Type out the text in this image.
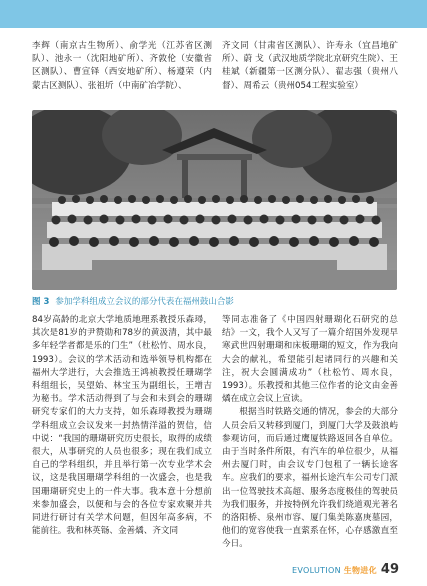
李辉（南京古生物所）、俞学光（江苏省区测队）、池永一（沈阳地矿所）、齐敦伦（安徽省区测队）、曹宣铎（西安地矿所）、杨遵荣（内蒙古区测队）、张祖圻（中南矿冶学院）、
齐文同（甘肃省区测队）、许寿永（宜昌地矿所）、蔚 戈（武汉地质学院北京研究生院）、王桂斌（新疆第一区测分队）、翟志强（贵州八督）、周希云（贵州054工程实验室）
图 3 参加学科组成立会议的部分代表在福州鼓山合影

84岁高龄的北京大学地质地理系教授乐森璕，其次是81岁的尹赞勋和78岁的黄汲清，其中最多年轻学者都是乐的门生”（杜松竹、周水良，1993）。会议的学术活动和选举领导机构都在福州大学进行，大会推选王鸿祯教授任珊瑚学科组组长，吴望始、林宝玉为副组长，王增吉为秘书。学术活动得到了与会和未到会的珊瑚研究专家们的大力支持，如乐森璕教授为珊瑚学科组成立会议发来一封热情洋溢的贺信，信中说：“我国的珊瑚研究历史很长，取得的成绩很大，从事研究的人员也很多；现在我们成立自己的学科组织，并且举行第一次专业学术会议，这是我国珊瑚学科组的一次盛会，也是我国珊瑚研究史上的一件大事。我本意十分想前来参加盛会，以便和与会的各位专家欢聚并共同进行研讨有关学术问题，但因年高多病，不能前往。我和林英铴、金善燏、齐文同

等同志准备了《中国四射珊瑚化石研究的总结》一文，我个人又写了一篇介绍国外发现早寒武世四射珊瑚和床板珊瑚的短文，作为我向大会的献礼，希望能引起诸同行的兴趣和关注，祝大会圆满成功”（杜松竹、周水良，1993）。乐教授和其他三位作者的论文由金善燏在成立会议上宣读。

根据当时铁路交通的情况，参会的大部分人员会后又转移到厦门，到厦门大学及鼓浪屿参观访问，而后通过鹰厦铁路返回各自单位。由于当时条件所限，有汽车的单位很少，从福州去厦门时，由会议专门包租了一辆长途客车。应我们的要求，福州长途汽车公司专门派出一位驾驶技术高超、服务态度极佳的驾驶员为我们服务，并按特例允许我们绕道观光著名的洛阳桥、泉州市容、厦门集美陈嘉庚墓园，他们的宽容使我一直萦系在怀，心存感激直至今日。

EVOLUTION 生物进化 49
